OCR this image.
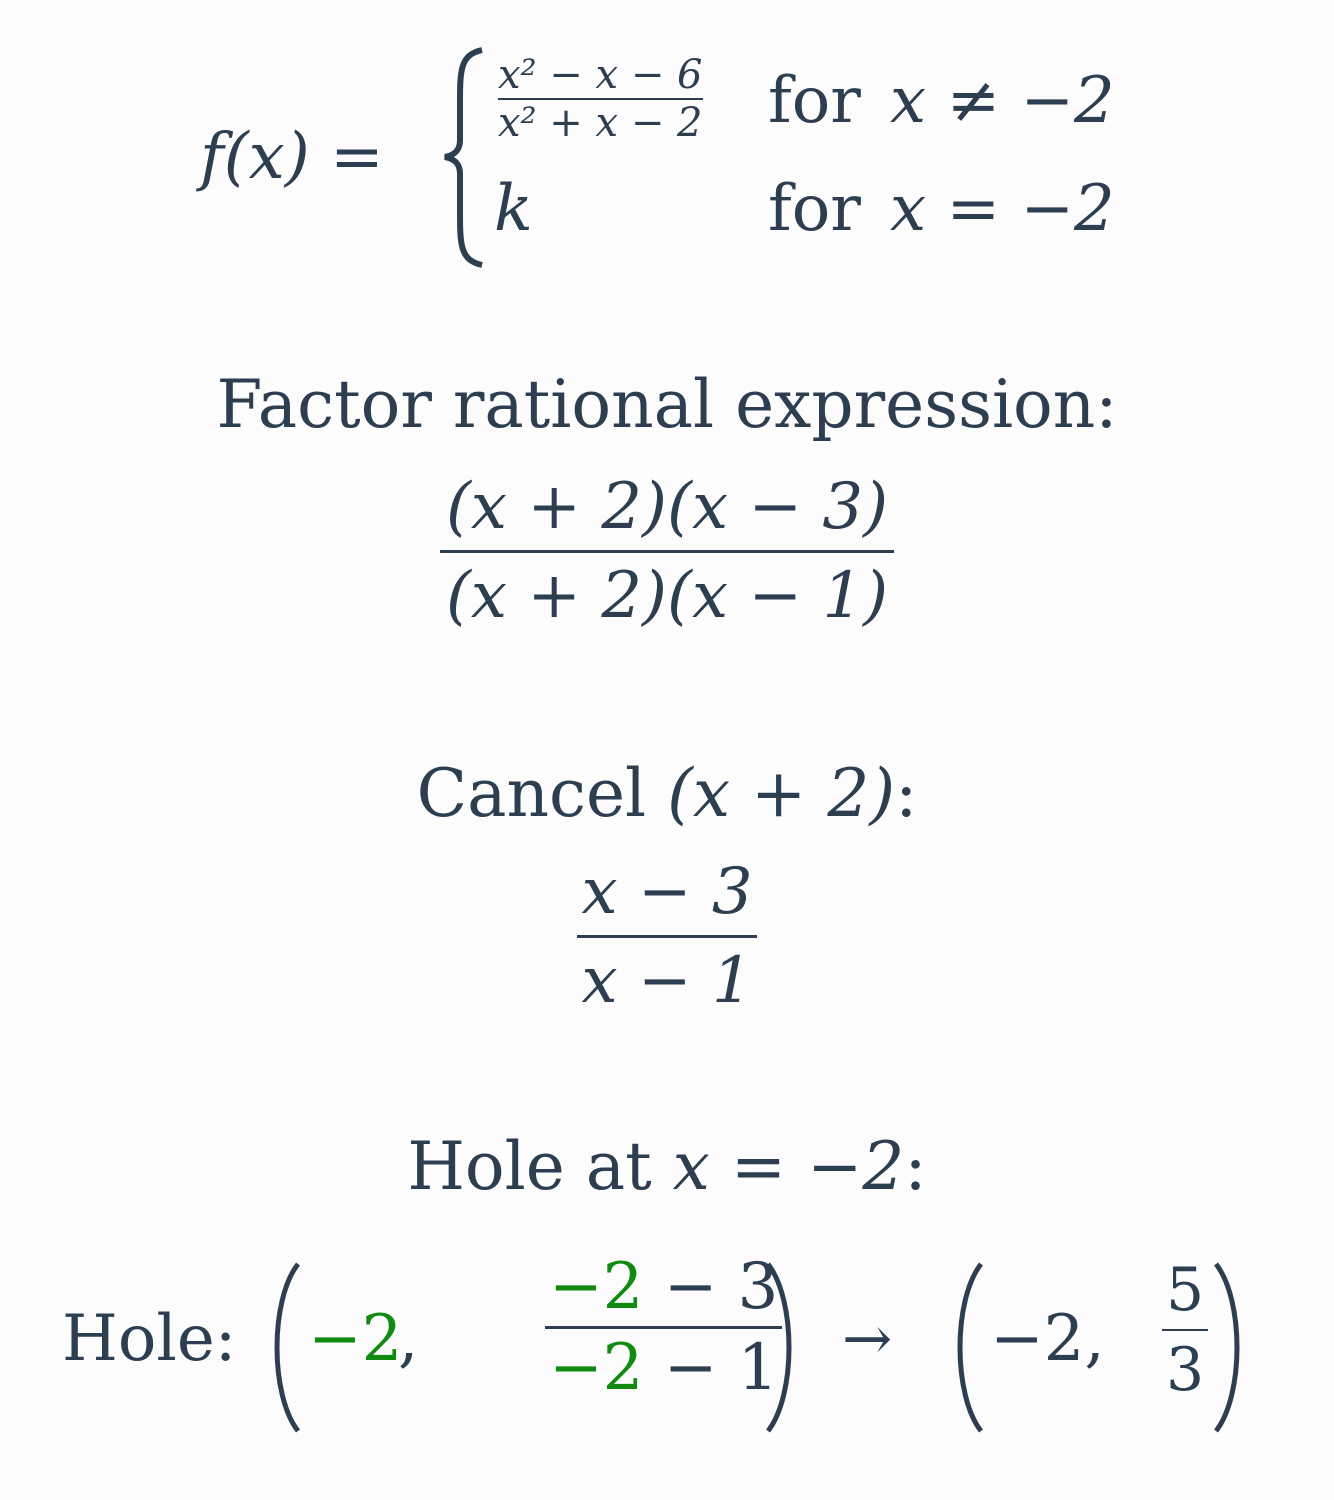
f(x) =
x² − x − 6
x² + x − 2 for x ≠ −2
k	for x = −2
Factor rational expression:
$\frac{(x + 2)(x - 3)}{(x + 2)(x - 1)}$
Cancel (x + 2):
$\frac{x - 3}{x - 1}$
Hole at x = −2:
Hole: −2
,
−2 − 3
−2 − 1 → −2,
5
3
